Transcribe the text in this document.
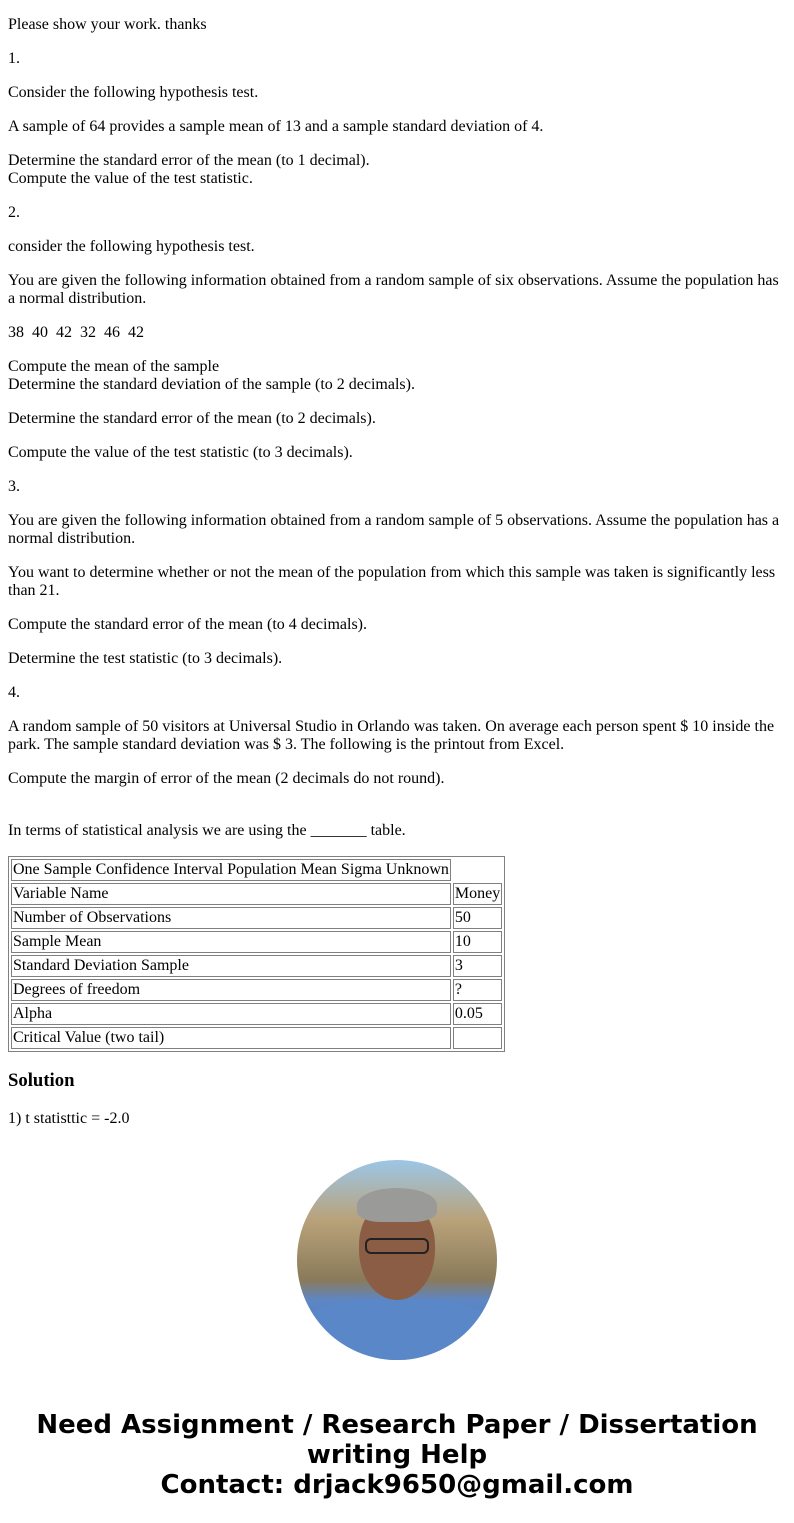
Please show your work. thanks

1.

Consider the following hypothesis test.

A sample of 64 provides a sample mean of 13 and a sample standard deviation of 4.

Determine the standard error of the mean (to 1 decimal).
Compute the value of the test statistic.

2.

consider the following hypothesis test.

You are given the following information obtained from a random sample of six observations. Assume the population has a normal distribution.

38  40  42  32  46  42

Compute the mean of the sample
Determine the standard deviation of the sample (to 2 decimals).

Determine the standard error of the mean (to 2 decimals).

Compute the value of the test statistic (to 3 decimals).

3.

You are given the following information obtained from a random sample of 5 observations. Assume the population has a normal distribution.

You want to determine whether or not the mean of the population from which this sample was taken is significantly less than 21.

Compute the standard error of the mean (to 4 decimals).

Determine the test statistic (to 3 decimals).

4.

A random sample of 50 visitors at Universal Studio in Orlando was taken. On average each person spent $ 10 inside the park. The sample standard deviation was $ 3. The following is the printout from Excel.

Compute the margin of error of the mean (2 decimals do not round).

In terms of statistical analysis we are using the _______ table.

One Sample Confidence Interval Population Mean Sigma Unknown	
Variable Name	Money
Number of Observations	50
Sample Mean	10
Standard Deviation Sample	3
Degrees of freedom	?
Alpha	0.05
Critical Value (two tail)	
Solution

1) t statisttic = -2.0

Need Assignment / Research Paper / Dissertation writing Help
Contact: drjack9650@gmail.com
